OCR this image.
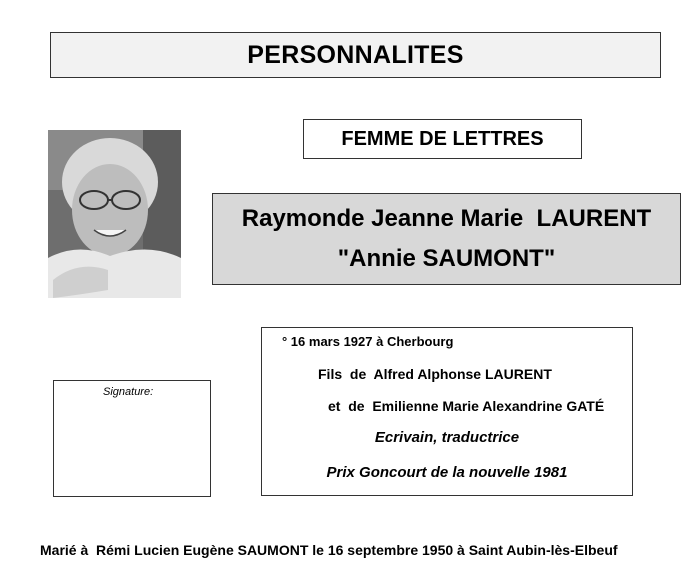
PERSONNALITES
FEMME DE LETTRES
Raymonde Jeanne Marie  LAURENT
"Annie SAUMONT"
Signature:
° 16 mars 1927 à Cherbourg
Fils  de  Alfred Alphonse LAURENT
et  de  Emilienne Marie Alexandrine GATÉ
Ecrivain, traductrice
Prix Goncourt de la nouvelle 1981
Marié à  Rémi Lucien Eugène SAUMONT le 16 septembre 1950 à Saint Aubin-lès-Elbeuf
